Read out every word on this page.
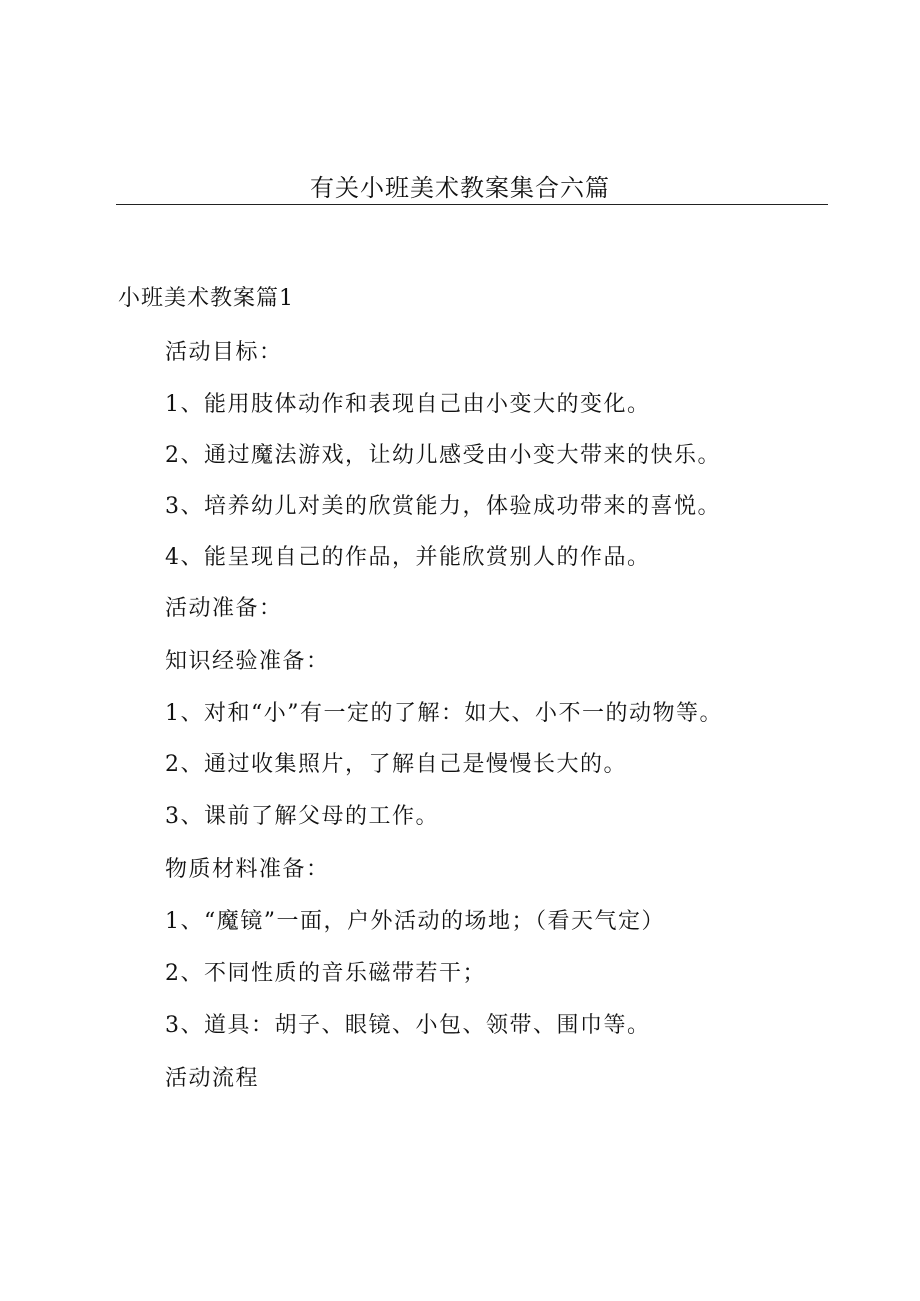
有关小班美术教案集合六篇
小班美术教案篇1
活动目标：
1、能用肢体动作和表现自己由小变大的变化。
2、通过魔法游戏，让幼儿感受由小变大带来的快乐。
3、培养幼儿对美的欣赏能力，体验成功带来的喜悦。
4、能呈现自己的作品，并能欣赏别人的作品。
活动准备：
知识经验准备：
1、对和“小”有一定的了解：如大、小不一的动物等。
2、通过收集照片，了解自己是慢慢长大的。
3、课前了解父母的工作。
物质材料准备：
1、“魔镜”一面，户外活动的场地；（看天气定）
2、不同性质的音乐磁带若干；
3、道具：胡子、眼镜、小包、领带、围巾等。
活动流程
